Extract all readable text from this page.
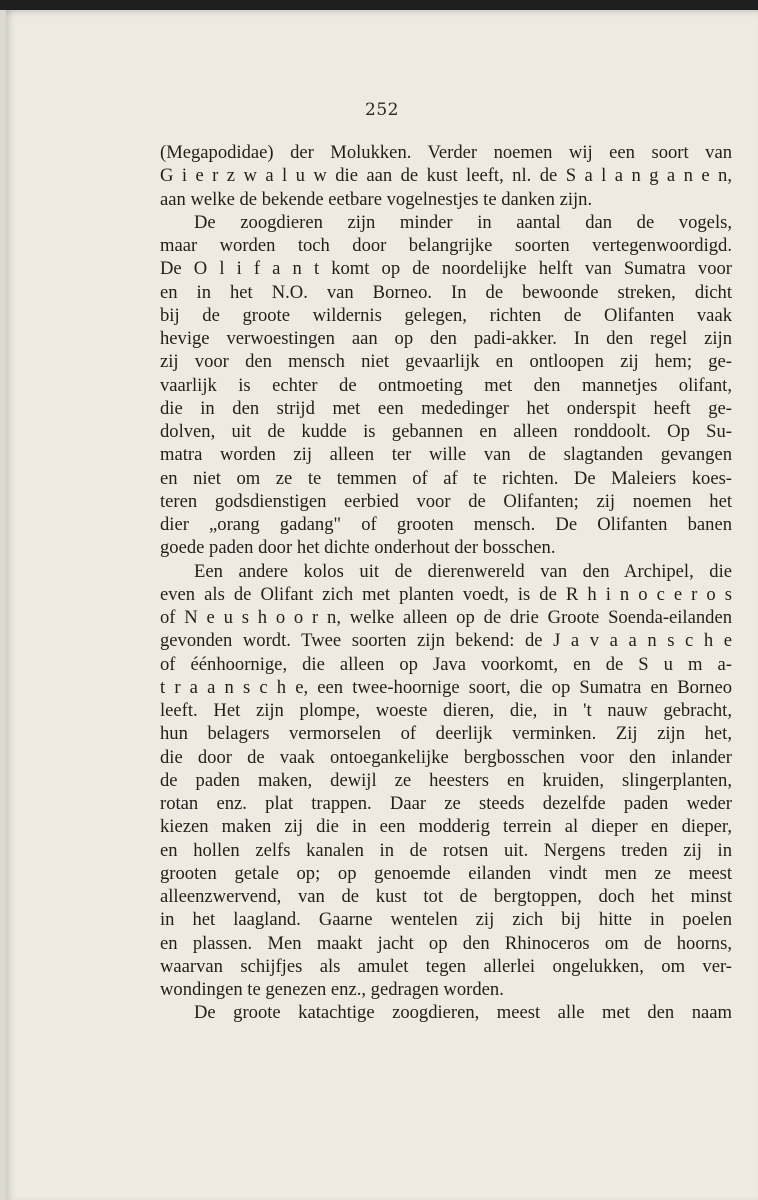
252
(Megapodidae) der Molukken. Verder noemen wij een soort van
G i e r z w a l u w die aan de kust leeft, nl. de S a l a n g a n e n,
aan welke de bekende eetbare vogelnestjes te danken zijn.
De zoogdieren zijn minder in aantal dan de vogels,
maar worden toch door belangrijke soorten vertegenwoordigd.
De O l i f a n t komt op de noordelijke helft van Sumatra voor
en in het N.O. van Borneo. In de bewoonde streken, dicht
bij de groote wildernis gelegen, richten de Olifanten vaak
hevige verwoestingen aan op den padi-akker. In den regel zijn
zij voor den mensch niet gevaarlijk en ontloopen zij hem; ge-
vaarlijk is echter de ontmoeting met den mannetjes olifant,
die in den strijd met een mededinger het onderspit heeft ge-
dolven, uit de kudde is gebannen en alleen ronddoolt. Op Su-
matra worden zij alleen ter wille van de slagtanden gevangen
en niet om ze te temmen of af te richten. De Maleiers koes-
teren godsdienstigen eerbied voor de Olifanten; zij noemen het
dier „orang gadang" of grooten mensch. De Olifanten banen
goede paden door het dichte onderhout der bosschen.
Een andere kolos uit de dierenwereld van den Archipel, die
even als de Olifant zich met planten voedt, is de R h i n o c e r o s
of N e u s h o o r n, welke alleen op de drie Groote Soenda-eilanden
gevonden wordt. Twee soorten zijn bekend: de J a v a a n s c h e
of éénhoornige, die alleen op Java voorkomt, en de S u m a-
t r a a n s c h e, een twee-hoornige soort, die op Sumatra en Borneo
leeft. Het zijn plompe, woeste dieren, die, in 't nauw gebracht,
hun belagers vermorselen of deerlijk verminken. Zij zijn het,
die door de vaak ontoegankelijke bergbosschen voor den inlander
de paden maken, dewijl ze heesters en kruiden, slingerplanten,
rotan enz. plat trappen. Daar ze steeds dezelfde paden weder
kiezen maken zij die in een modderig terrein al dieper en dieper,
en hollen zelfs kanalen in de rotsen uit. Nergens treden zij in
grooten getale op; op genoemde eilanden vindt men ze meest
alleenzwervend, van de kust tot de bergtoppen, doch het minst
in het laagland. Gaarne wentelen zij zich bij hitte in poelen
en plassen. Men maakt jacht op den Rhinoceros om de hoorns,
waarvan schijfjes als amulet tegen allerlei ongelukken, om ver-
wondingen te genezen enz., gedragen worden.
De groote katachtige zoogdieren, meest alle met den naam
